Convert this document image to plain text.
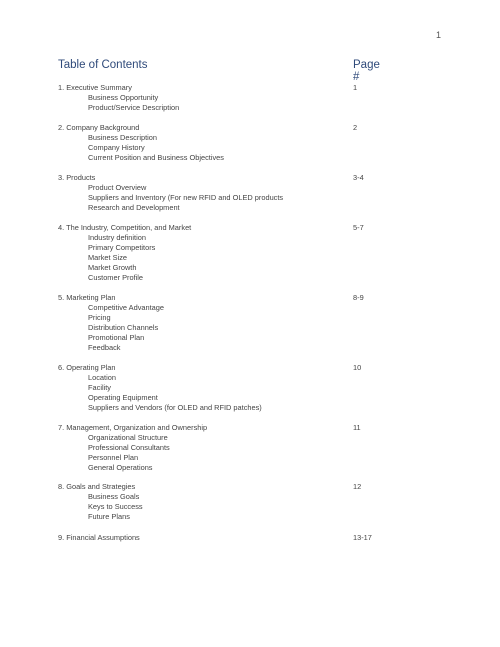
1
Table of Contents	Page #
1. Executive Summary	1
Business Opportunity
Product/Service Description
2. Company Background	2
Business Description
Company History
Current Position and Business Objectives
3. Products	3-4
Product Overview
Suppliers and Inventory (For new RFID and OLED products
Research and Development
4. The Industry, Competition, and Market	5-7
Industry definition
Primary Competitors
Market Size
Market Growth
Customer Profile
5. Marketing Plan	8-9
Competitive Advantage
Pricing
Distribution Channels
Promotional Plan
Feedback
6. Operating Plan	10
Location
Facility
Operating Equipment
Suppliers and Vendors (for OLED and RFID patches)
7. Management, Organization and Ownership	11
Organizational Structure
Professional Consultants
Personnel Plan
General Operations
8. Goals and Strategies	12
Business Goals
Keys to Success
Future Plans
9. Financial Assumptions	13-17
